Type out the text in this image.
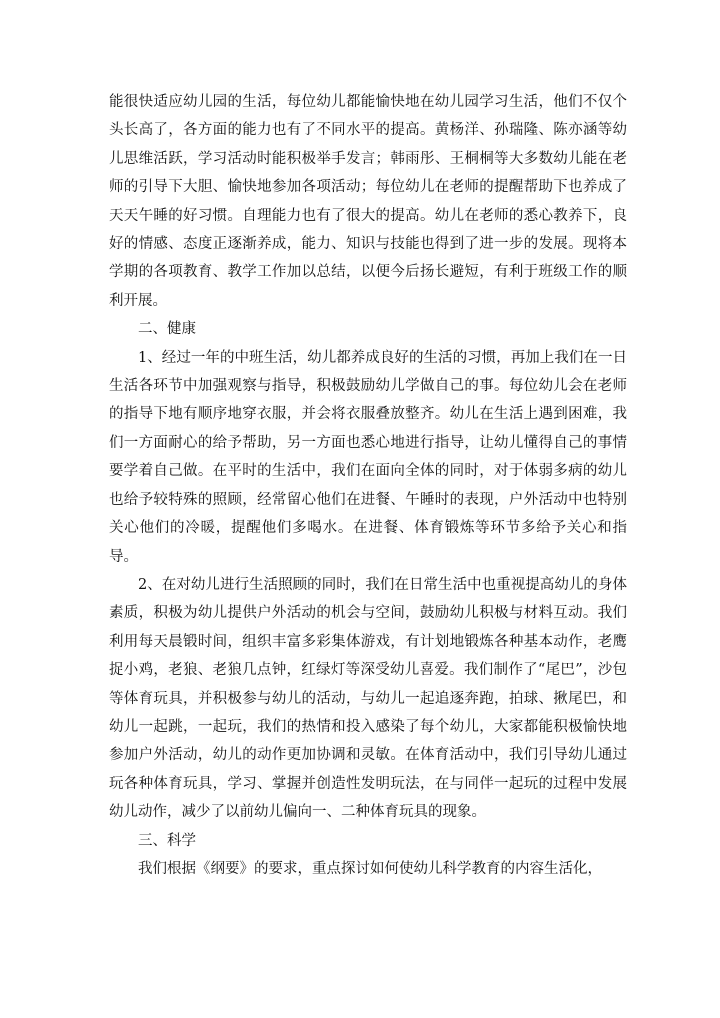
能很快适应幼儿园的生活，每位幼儿都能愉快地在幼儿园学习生活，他们不仅个头长高了，各方面的能力也有了不同水平的提高。黄杨洋、孙瑞隆、陈亦涵等幼儿思维活跃，学习活动时能积极举手发言；韩雨彤、王桐桐等大多数幼儿能在老师的引导下大胆、愉快地参加各项活动；每位幼儿在老师的提醒帮助下也养成了天天午睡的好习惯。自理能力也有了很大的提高。幼儿在老师的悉心教养下，良好的情感、态度正逐渐养成，能力、知识与技能也得到了进一步的发展。现将本学期的各项教育、教学工作加以总结，以便今后扬长避短，有利于班级工作的顺利开展。

二、健康

1、经过一年的中班生活，幼儿都养成良好的生活的习惯，再加上我们在一日生活各环节中加强观察与指导，积极鼓励幼儿学做自己的事。每位幼儿会在老师的指导下地有顺序地穿衣服，并会将衣服叠放整齐。幼儿在生活上遇到困难，我们一方面耐心的给予帮助，另一方面也悉心地进行指导，让幼儿懂得自己的事情要学着自己做。在平时的生活中，我们在面向全体的同时，对于体弱多病的幼儿也给予较特殊的照顾，经常留心他们在进餐、午睡时的表现，户外活动中也特别关心他们的冷暖，提醒他们多喝水。在进餐、体育锻炼等环节多给予关心和指导。

2、在对幼儿进行生活照顾的同时，我们在日常生活中也重视提高幼儿的身体素质，积极为幼儿提供户外活动的机会与空间，鼓励幼儿积极与材料互动。我们利用每天晨锻时间，组织丰富多彩集体游戏，有计划地锻炼各种基本动作，老鹰捉小鸡，老狼、老狼几点钟，红绿灯等深受幼儿喜爱。我们制作了“尾巴”，沙包等体育玩具，并积极参与幼儿的活动，与幼儿一起追逐奔跑，拍球、揪尾巴，和幼儿一起跳，一起玩，我们的热情和投入感染了每个幼儿，大家都能积极愉快地参加户外活动，幼儿的动作更加协调和灵敏。在体育活动中，我们引导幼儿通过玩各种体育玩具，学习、掌握并创造性发明玩法，在与同伴一起玩的过程中发展幼儿动作，减少了以前幼儿偏向一、二种体育玩具的现象。

三、科学

我们根据《纲要》的要求，重点探讨如何使幼儿科学教育的内容生活化，
